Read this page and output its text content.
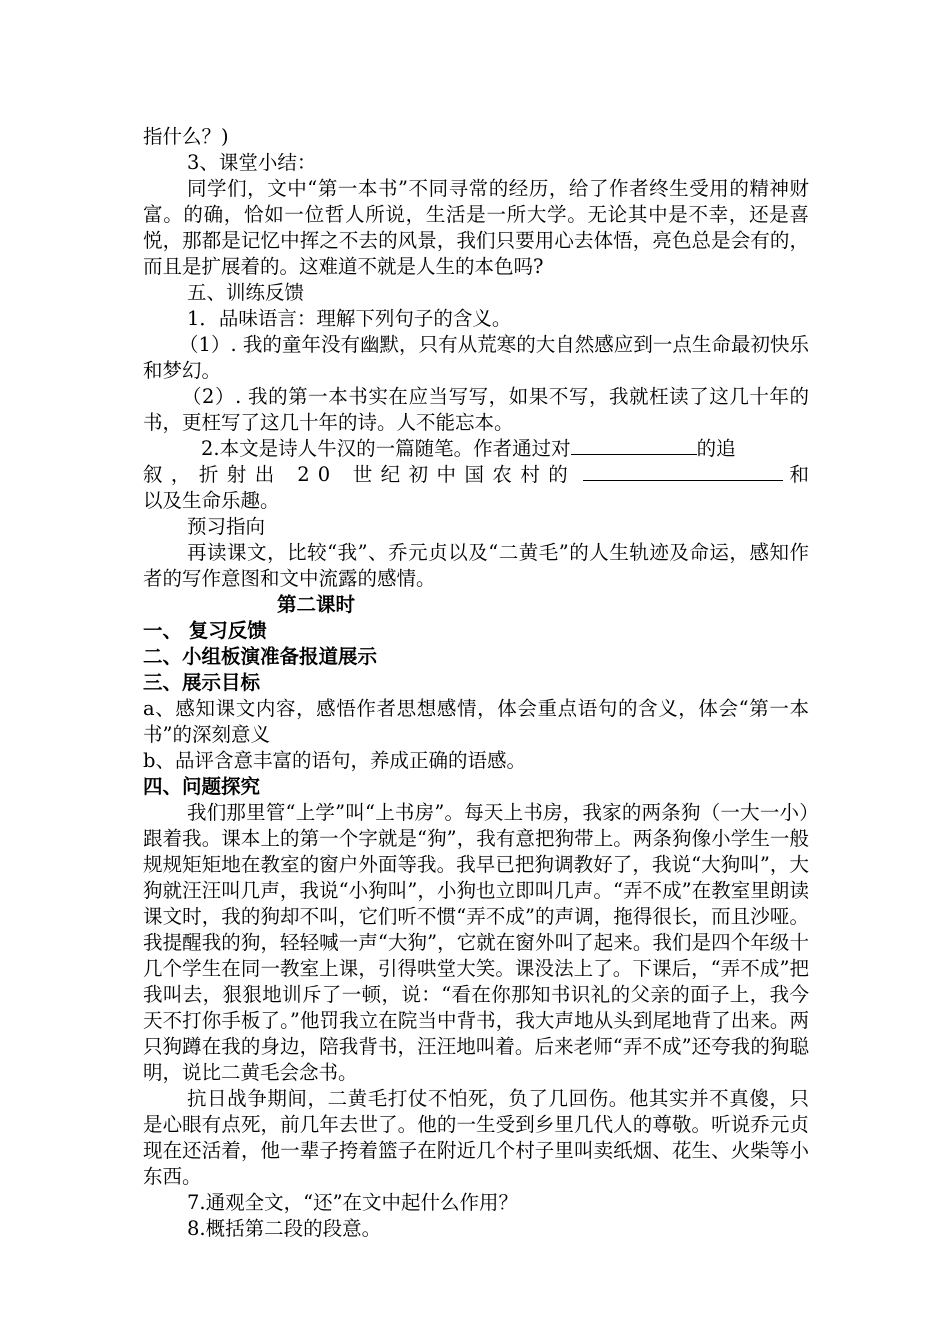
指什么？)

3、课堂小结：

同学们，文中“第一本书”不同寻常的经历，给了作者终生受用的精神财富。的确，恰如一位哲人所说，生活是一所大学。无论其中是不幸，还是喜悦，那都是记忆中挥之不去的风景，我们只要用心去体悟，亮色总是会有的，而且是扩展着的。这难道不就是人生的本色吗?

五、训练反馈

1．品味语言：理解下列句子的含义。

（1）. 我的童年没有幽默，只有从荒寒的大自然感应到一点生命最初快乐和梦幻。

（2）. 我的第一本书实在应当写写，如果不写，我就枉读了这几十年的书，更枉写了这几十年的诗。人不能忘本。

2.本文是诗人牛汉的一篇随笔。作者通过对	的追

叙，折射出 20 世纪初中国农村的	和

以及生命乐趣。

预习指向

再读课文，比较“我”、乔元贞以及“二黄毛”的人生轨迹及命运，感知作者的写作意图和文中流露的感情。

第二课时

一、 复习反馈

二、小组板演准备报道展示

三、展示目标

a、感知课文内容，感悟作者思想感情，体会重点语句的含义，体会“第一本书”的深刻意义

b、品评含意丰富的语句，养成正确的语感。

四、问题探究

我们那里管“上学”叫“上书房”。每天上书房，我家的两条狗（一大一小）跟着我。课本上的第一个字就是“狗”，我有意把狗带上。两条狗像小学生一般规规矩矩地在教室的窗户外面等我。我早已把狗调教好了，我说“大狗叫”，大狗就汪汪叫几声，我说“小狗叫”，小狗也立即叫几声。“弄不成”在教室里朗读课文时，我的狗却不叫，它们听不惯“弄不成”的声调，拖得很长，而且沙哑。我提醒我的狗，轻轻喊一声“大狗”，它就在窗外叫了起来。我们是四个年级十几个学生在同一教室上课，引得哄堂大笑。课没法上了。下课后，“弄不成”把我叫去，狠狠地训斥了一顿，说：“看在你那知书识礼的父亲的面子上，我今天不打你手板了。”他罚我立在院当中背书，我大声地从头到尾地背了出来。两只狗蹲在我的身边，陪我背书，汪汪地叫着。后来老师“弄不成”还夸我的狗聪明，说比二黄毛会念书。

抗日战争期间，二黄毛打仗不怕死，负了几回伤。他其实并不真傻，只是心眼有点死，前几年去世了。他的一生受到乡里几代人的尊敬。听说乔元贞现在还活着，他一辈子挎着篮子在附近几个村子里叫卖纸烟、花生、火柴等小东西。

7.通观全文，“还”在文中起什么作用？

8.概括第二段的段意。
